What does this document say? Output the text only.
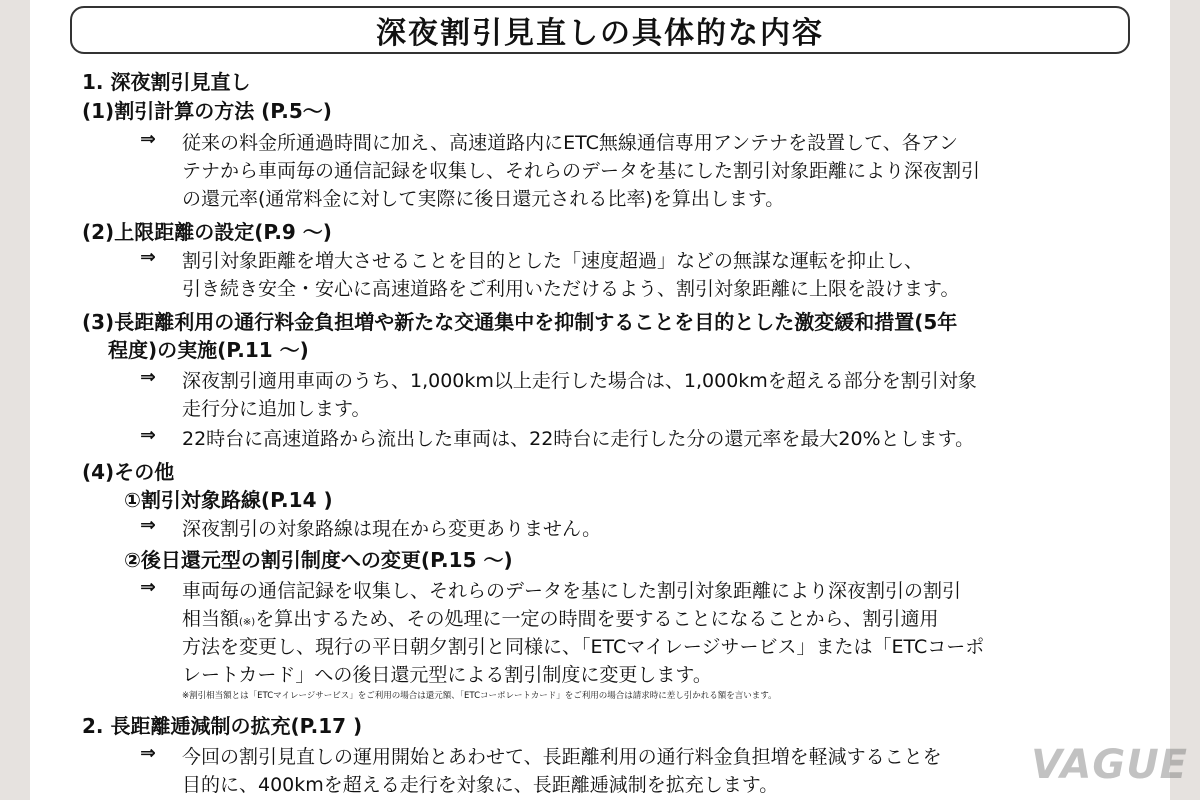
深夜割引見直しの具体的な内容
1. 深夜割引見直し
(1)割引計算の方法 (P.5～)
⇒ 従来の料金所通過時間に加え、高速道路内にETC無線通信専用アンテナを設置して、各アン
テナから車両毎の通信記録を収集し、それらのデータを基にした割引対象距離により深夜割引
の還元率(通常料金に対して実際に後日還元される比率)を算出します。
(2)上限距離の設定(P.9 ～)
⇒ 割引対象距離を増大させることを目的とした「速度超過」などの無謀な運転を抑止し、
引き続き安全・安心に高速道路をご利用いただけるよう、割引対象距離に上限を設けます。
(3)長距離利用の通行料金負担増や新たな交通集中を抑制することを目的とした激変緩和措置(5年
程度)の実施(P.11 ～)
⇒ 深夜割引適用車両のうち、1,000km以上走行した場合は、1,000kmを超える部分を割引対象
走行分に追加します。
⇒ 22時台に高速道路から流出した車両は、22時台に走行した分の還元率を最大20%とします。
(4)その他
①割引対象路線(P.14 )
⇒ 深夜割引の対象路線は現在から変更ありません。
②後日還元型の割引制度への変更(P.15 ～)
⇒ 車両毎の通信記録を収集し、それらのデータを基にした割引対象距離により深夜割引の割引
相当額(※)を算出するため、その処理に一定の時間を要することになることから、割引適用
方法を変更し、現行の平日朝夕割引と同様に、「ETCマイレージサービス」または「ETCコーポ
レートカード」への後日還元型による割引制度に変更します。
※割引相当額とは「ETCマイレージサービス」をご利用の場合は還元額、「ETCコーポレートカード」をご利用の場合は請求時に差し引かれる額を言います。
2. 長距離逓減制の拡充(P.17 )
⇒ 今回の割引見直しの運用開始とあわせて、長距離利用の通行料金負担増を軽減することを
目的に、400kmを超える走行を対象に、長距離逓減制を拡充します。	VAGUE
